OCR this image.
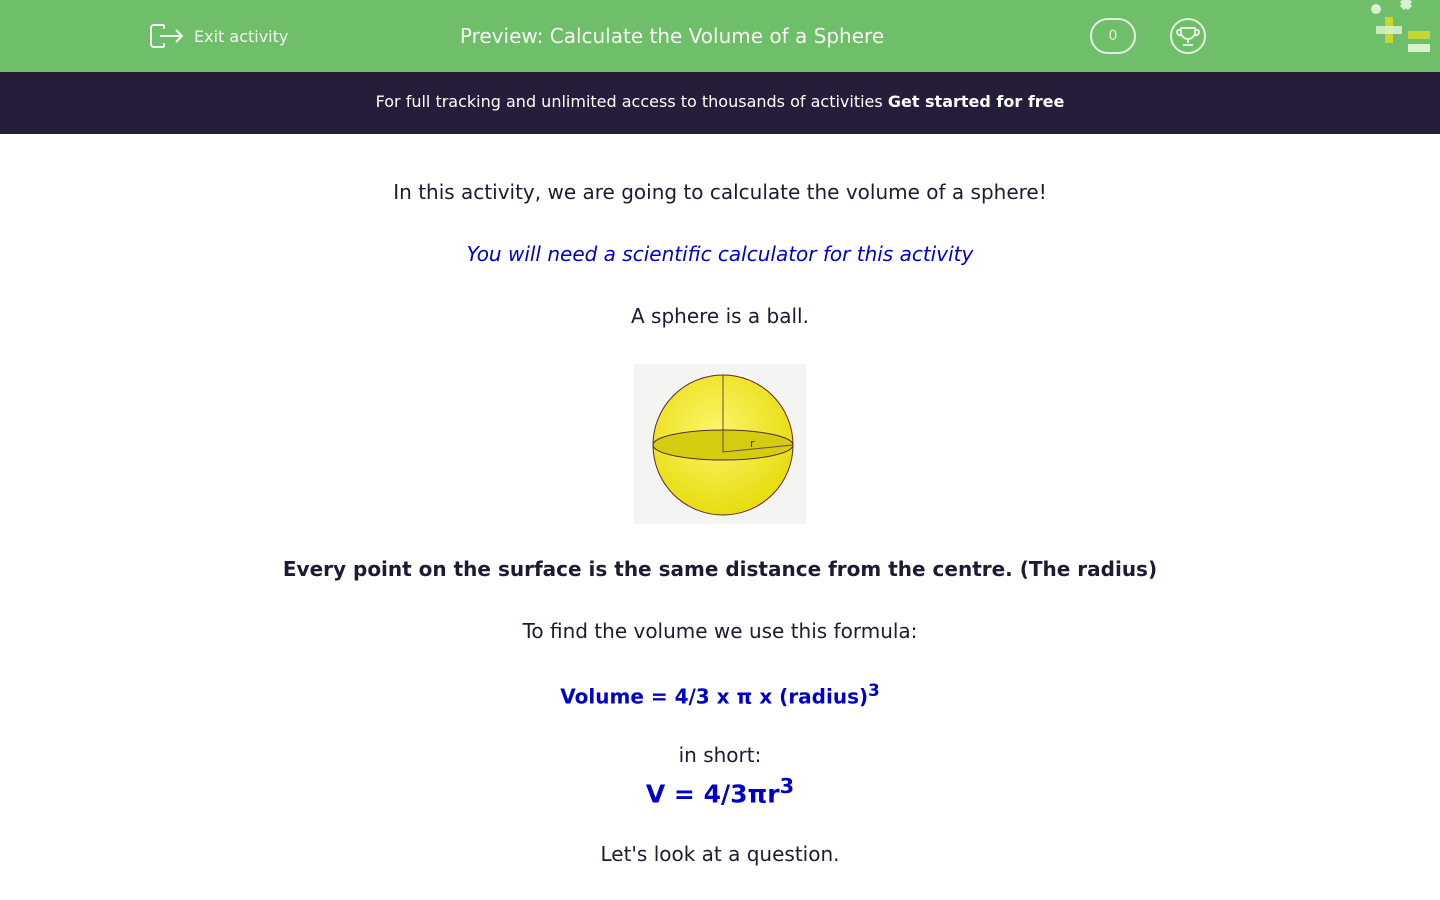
Exit activity	Preview: Calculate the Volume of a Sphere	0
For full tracking and unlimited access to thousands of activities Get started for free
In this activity, we are going to calculate the volume of a sphere!
You will need a scientific calculator for this activity
A sphere is a ball.
r
Every point on the surface is the same distance from the centre. (The radius)
To find the volume we use this formula:
Volume = 4/3 x π x (radius)$^3$
in short:
$V = 4/3\pi r^3$
Let's look at a question.
